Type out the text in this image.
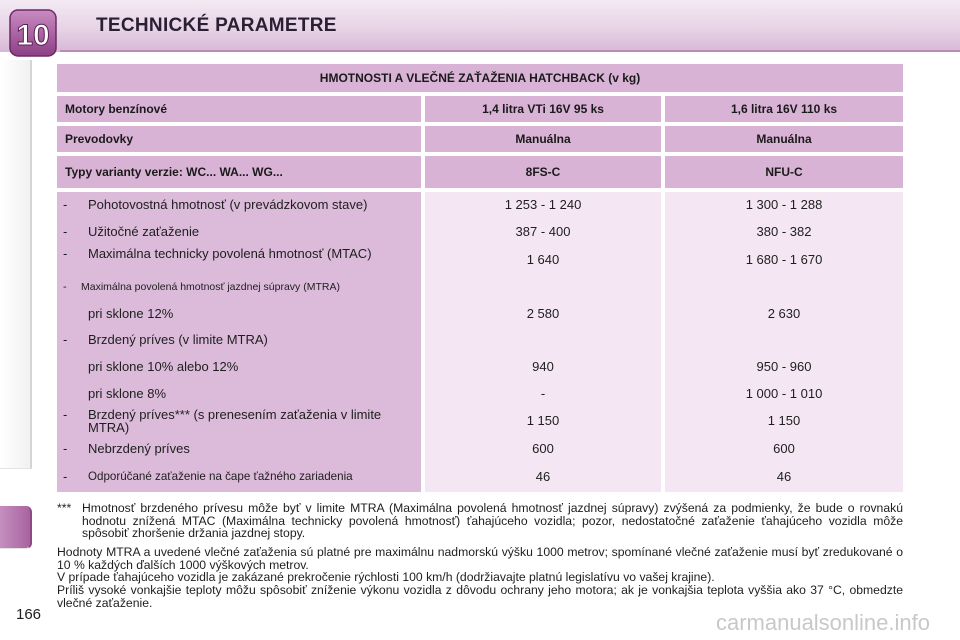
10 TECHNICKÉ PARAMETRE
HMOTNOSTI A VLEČNÉ ZAŤAŽENIA HATCHBACK (v kg)
Motory benzínové	1,4 litra VTi 16V 95 ks	1,6 litra 16V 110 ks
Prevodovky	Manuálna	Manuálna
Typy varianty verzie: WC... WA... WG...	8FS-C	NFU-C
- Pohotovostná hmotnosť (v prevádzkovom stave)	1 253 - 1 240	1 300 - 1 288
- Užitočné zaťaženie	387 - 400	380 - 382
- Maximálna technicky povolená hmotnosť (MTAC)	1 640	1 680 - 1 670
- Maximálna povolená hmotnosť jazdnej súpravy (MTRA)
pri sklone 12%	2 580	2 630
- Brzdený príves (v limite MTRA)
pri sklone 10% alebo 12%	940	950 - 960
pri sklone 8%	-	1 000 - 1 010
- Brzdený príves*** (s prenesením zaťaženia v limite MTRA)	1 150	1 150
- Nebrzdený príves	600	600
- Odporúčané zaťaženie na čape ťažného zariadenia	46	46
*** Hmotnosť brzdeného prívesu môže byť v limite MTRA (Maximálna povolená hmotnosť jazdnej súpravy) zvýšená za podmienky, že bude o rovnakú hodnotu znížená MTAC (Maximálna technicky povolená hmotnosť) ťahajúceho vozidla; pozor, nedostatočné zaťaženie ťahajúceho vozidla môže spôsobiť zhoršenie držania jazdnej stopy.
Hodnoty MTRA a uvedené vlečné zaťaženia sú platné pre maximálnu nadmorskú výšku 1000 metrov; spomínané vlečné zaťaženie musí byť zredukované o 10 % každých ďalších 1000 výškových metrov.
V prípade ťahajúceho vozidla je zakázané prekročenie rýchlosti 100 km/h (dodržiavajte platnú legislatívu vo vašej krajine).
Príliš vysoké vonkajšie teploty môžu spôsobiť zníženie výkonu vozidla z dôvodu ochrany jeho motora; ak je vonkajšia teplota vyššia ako 37 °C, obmedzte vlečné zaťaženie.
166	carmanualsonline.info
